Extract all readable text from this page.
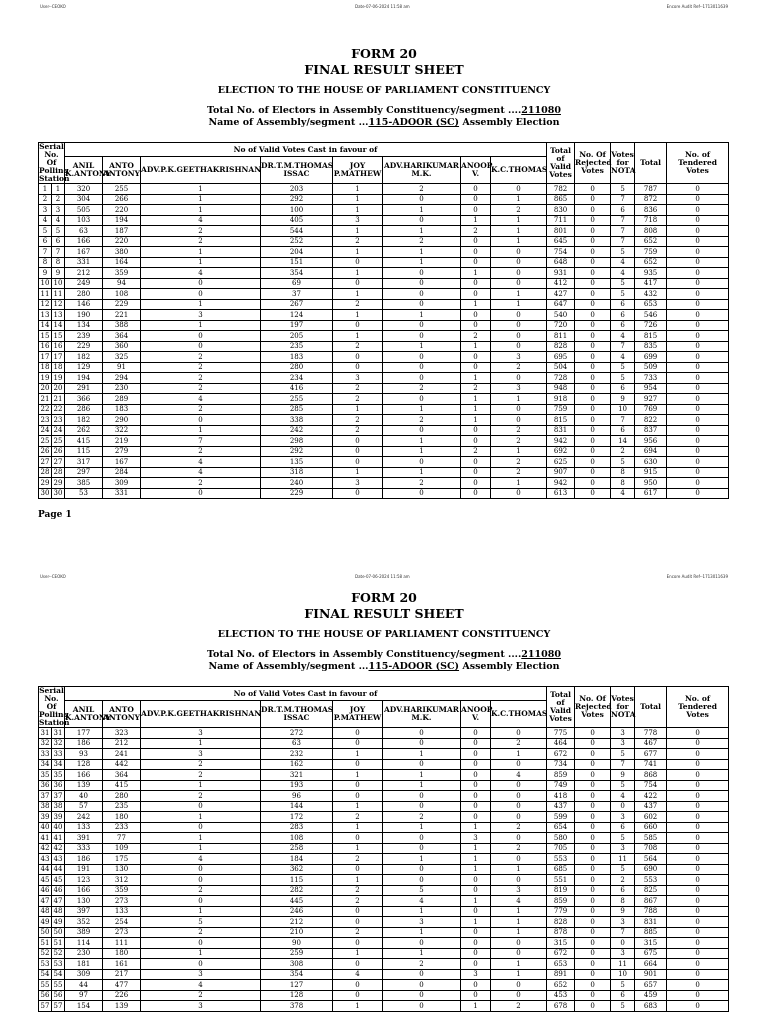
User--CEOKO	Date-07-06-2024 11:58 am	Encore Audit Ref--1713011639
FORM 20
FINAL RESULT SHEET
ELECTION TO THE HOUSE OF PARLIAMENT CONSTITUENCY
Total No. of Electors in Assembly Constituency/segment ....211080
Name of Assembly/segment ...115-ADOOR (SC) Assembly Election
Serial No. Of Polling Station		No of Valid Votes Cast in favour of								Total of Valid Votes	No. Of Rejected Votes	Votes for NOTA	Total	No. of Tendered Votes
		ANIL K.ANTONY	ANTO ANTONY	ADV.P.K.GEETHAKRISHNAN	DR.T.M.THOMAS ISSAC	JOY P.MATHEW	ADV.HARIKUMAR M.K.	ANOOP V.	K.C.THOMAS					
1	1	320	255	1	203	1	2	0	0	782	0	5	787	0
2	2	304	266	1	292	1	0	0	1	865	0	7	872	0
3	3	505	220	1	100	1	1	0	2	830	0	6	836	0
4	4	103	194	4	405	3	0	1	1	711	0	7	718	0
5	5	63	187	2	544	1	1	2	1	801	0	7	808	0
6	6	166	220	2	252	2	2	0	1	645	0	7	652	0
7	7	167	380	1	204	1	1	0	0	754	0	5	759	0
8	8	331	164	1	151	0	1	0	0	648	0	4	652	0
9	9	212	359	4	354	1	0	1	0	931	0	4	935	0
10	10	249	94	0	69	0	0	0	0	412	0	5	417	0
11	11	280	108	0	37	1	0	0	1	427	0	5	432	0
12	12	146	229	1	267	2	0	1	1	647	0	6	653	0
13	13	190	221	3	124	1	1	0	0	540	0	6	546	0
14	14	134	388	1	197	0	0	0	0	720	0	6	726	0
15	15	239	364	0	205	1	0	2	0	811	0	4	815	0
16	16	229	360	0	235	2	1	1	0	828	0	7	835	0
17	17	182	325	2	183	0	0	0	3	695	0	4	699	0
18	18	129	91	2	280	0	0	0	2	504	0	5	509	0
19	19	194	294	2	234	3	0	1	0	728	0	5	733	0
20	20	291	230	2	416	2	2	2	3	948	0	6	954	0
21	21	366	289	4	255	2	0	1	1	918	0	9	927	0
22	22	286	183	2	285	1	1	1	0	759	0	10	769	0
23	23	182	290	0	338	2	2	1	0	815	0	7	822	0
24	24	262	322	1	242	2	0	0	2	831	0	6	837	0
25	25	415	219	7	298	0	1	0	2	942	0	14	956	0
26	26	115	279	2	292	0	1	2	1	692	0	2	694	0
27	27	317	167	4	135	0	0	0	2	625	0	5	630	0
28	28	297	284	4	318	1	1	0	2	907	0	8	915	0
29	29	385	309	2	240	3	2	0	1	942	0	8	950	0
30	30	53	331	0	229	0	0	0	0	613	0	4	617	0
Page 1
User--CEOKO	Date-07-06-2024 11:58 am	Encore Audit Ref--1713011639
FORM 20
FINAL RESULT SHEET
ELECTION TO THE HOUSE OF PARLIAMENT CONSTITUENCY
Total No. of Electors in Assembly Constituency/segment ....211080
Name of Assembly/segment ...115-ADOOR (SC) Assembly Election
Serial No. Of Polling Station		No of Valid Votes Cast in favour of								Total of Valid Votes	No. Of Rejected Votes	Votes for NOTA	Total	No. of Tendered Votes
		ANIL K.ANTONY	ANTO ANTONY	ADV.P.K.GEETHAKRISHNAN	DR.T.M.THOMAS ISSAC	JOY P.MATHEW	ADV.HARIKUMAR M.K.	ANOOP V.	K.C.THOMAS					
31	31	177	323	3	272	0	0	0	0	775	0	3	778	0
32	32	186	212	1	63	0	0	0	2	464	0	3	467	0
33	33	93	241	3	232	1	1	0	1	672	0	5	677	0
34	34	128	442	2	162	0	0	0	0	734	0	7	741	0
35	35	166	364	2	321	1	1	0	4	859	0	9	868	0
36	36	139	415	1	193	0	1	0	0	749	0	5	754	0
37	37	40	280	2	96	0	0	0	0	418	0	4	422	0
38	38	57	235	0	144	1	0	0	0	437	0	0	437	0
39	39	242	180	1	172	2	2	0	0	599	0	3	602	0
40	40	133	233	0	283	1	1	1	2	654	0	6	660	0
41	41	391	77	1	108	0	0	3	0	580	0	5	585	0
42	42	333	109	1	258	1	0	1	2	705	0	3	708	0
43	43	186	175	4	184	2	1	1	0	553	0	11	564	0
44	44	191	130	0	362	0	0	1	1	685	0	5	690	0
45	45	123	312	0	115	1	0	0	0	551	0	2	553	0
46	46	166	359	2	282	2	5	0	3	819	0	6	825	0
47	47	130	273	0	445	2	4	1	4	859	0	8	867	0
48	48	397	133	1	246	0	1	0	1	779	0	9	788	0
49	49	352	254	5	212	0	3	1	1	828	0	3	831	0
50	50	389	273	2	210	2	1	0	1	878	0	7	885	0
51	51	114	111	0	90	0	0	0	0	315	0	0	315	0
52	52	230	180	1	259	1	1	0	0	672	0	3	675	0
53	53	181	161	0	308	0	2	0	1	653	0	11	664	0
54	54	309	217	3	354	4	0	3	1	891	0	10	901	0
55	55	44	477	4	127	0	0	0	0	652	0	5	657	0
56	56	97	226	2	128	0	0	0	0	453	0	6	459	0
57	57	154	139	3	378	1	0	1	2	678	0	5	683	0
